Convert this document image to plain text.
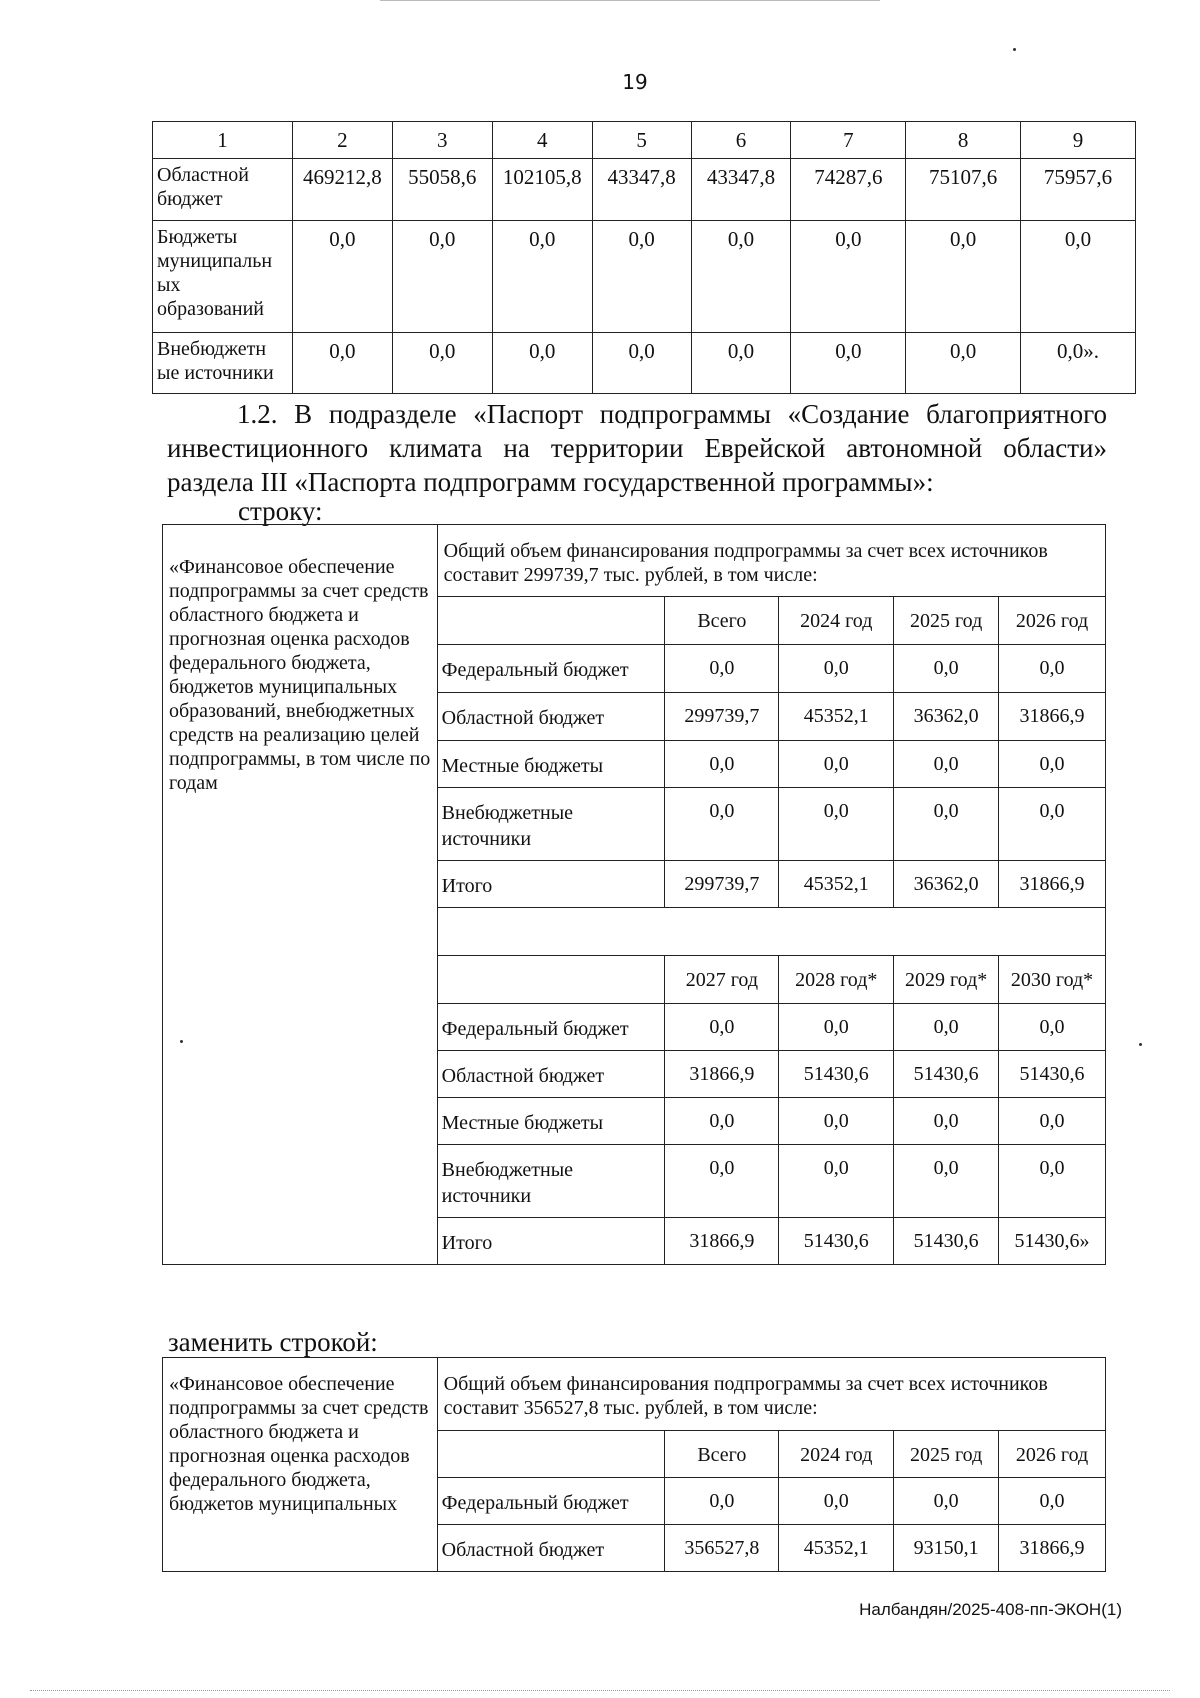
19
1	2	3	4	5	6	7	8	9
Областной бюджет	469212,8	55058,6	102105,8	43347,8	43347,8	74287,6	75107,6	75957,6
Бюджеты муниципальн ых образований	0,0	0,0	0,0	0,0	0,0	0,0	0,0	0,0
Внебюджетн ые источники	0,0	0,0	0,0	0,0	0,0	0,0	0,0	0,0».
1.2. В подразделе «Паспорт подпрограммы «Создание благоприятного инвестиционного климата на территории Еврейской автономной области» раздела III «Паспорта подпрограмм государственной программы»:
строку:
«Финансовое обеспечение подпрограммы за счет средств областного бюджета и прогнозная оценка расходов федерального бюджета, бюджетов муниципальных образований, внебюджетных средств на реализацию целей подпрограммы, в том числе по годам	Общий объем финансирования подпрограммы за счет всех источников составит 299739,7 тыс. рублей, в том числе:				
		Всего	2024 год	2025 год	2026 год
	Федеральный бюджет	0,0	0,0	0,0	0,0
	Областной бюджет	299739,7	45352,1	36362,0	31866,9
	Местные бюджеты	0,0	0,0	0,0	0,0
	Внебюджетные источники	0,0	0,0	0,0	0,0
	Итого	299739,7	45352,1	36362,0	31866,9

		2027 год	2028 год*	2029 год*	2030 год*
	Федеральный бюджет	0,0	0,0	0,0	0,0
	Областной бюджет	31866,9	51430,6	51430,6	51430,6
	Местные бюджеты	0,0	0,0	0,0	0,0
	Внебюджетные источники	0,0	0,0	0,0	0,0
	Итого	31866,9	51430,6	51430,6	51430,6»
заменить строкой:
«Финансовое обеспечение подпрограммы за счет средств областного бюджета и прогнозная оценка расходов федерального бюджета, бюджетов муниципальных	Общий объем финансирования подпрограммы за счет всех источников составит 356527,8 тыс. рублей, в том числе:				
		Всего	2024 год	2025 год	2026 год
	Федеральный бюджет	0,0	0,0	0,0	0,0
	Областной бюджет	356527,8	45352,1	93150,1	31866,9
Налбандян/2025-408-пп-ЭКОН(1)
